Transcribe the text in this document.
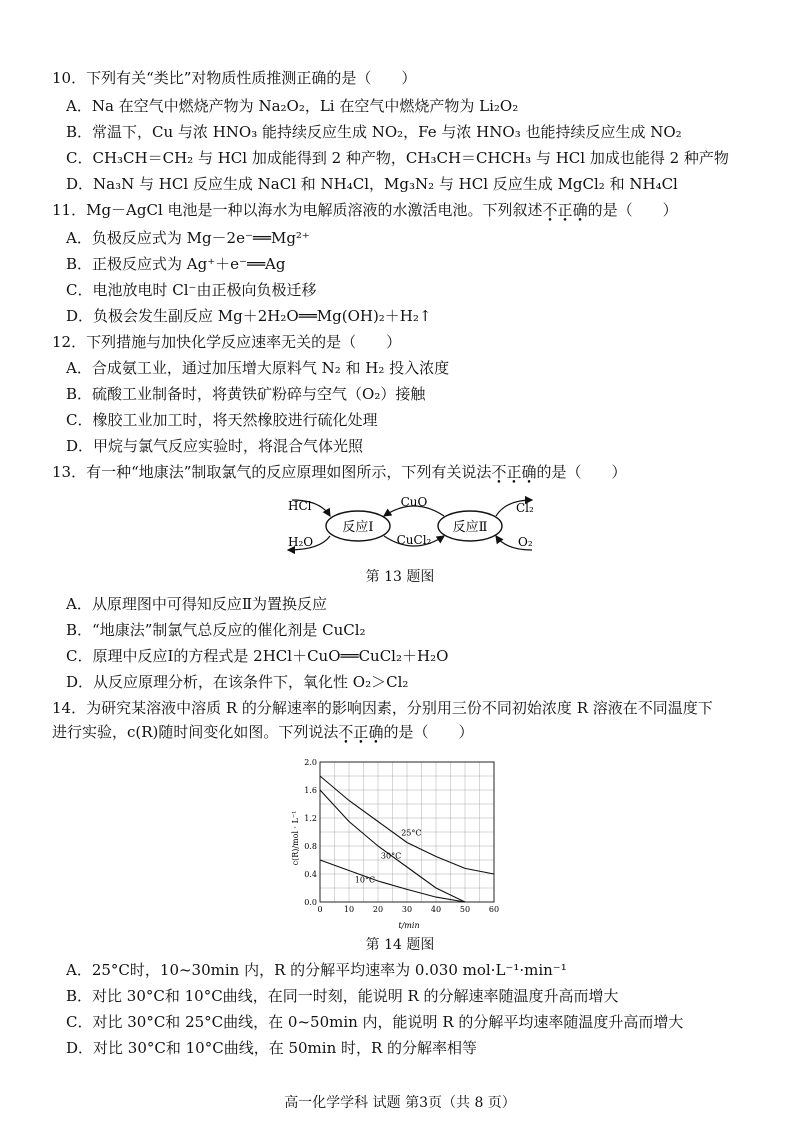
10．下列有关“类比”对物质性质推测正确的是（　　）
A．Na 在空气中燃烧产物为 Na₂O₂，Li 在空气中燃烧产物为 Li₂O₂
B．常温下，Cu 与浓 HNO₃ 能持续反应生成 NO₂，Fe 与浓 HNO₃ 也能持续反应生成 NO₂
C．CH₃CH＝CH₂ 与 HCl 加成能得到 2 种产物，CH₃CH＝CHCH₃ 与 HCl 加成也能得 2 种产物
D．Na₃N 与 HCl 反应生成 NaCl 和 NH₄Cl，Mg₃N₂ 与 HCl 反应生成 MgCl₂ 和 NH₄Cl
11．Mg－AgCl 电池是一种以海水为电解质溶液的水激活电池。下列叙述不正确的是（　　）
A．负极反应式为 Mg－2e⁻══Mg²⁺
B．正极反应式为 Ag⁺＋e⁻══Ag
C．电池放电时 Cl⁻由正极向负极迁移
D．负极会发生副反应 Mg＋2H₂O══Mg(OH)₂＋H₂↑
12．下列措施与加快化学反应速率无关的是（　　）
A．合成氨工业，通过加压增大原料气 N₂ 和 H₂ 投入浓度
B．硫酸工业制备时，将黄铁矿粉碎与空气（O₂）接触
C．橡胶工业加工时，将天然橡胶进行硫化处理
D．甲烷与氯气反应实验时，将混合气体光照
13．有一种“地康法”制取氯气的反应原理如图所示，下列有关说法不正确的是（　　）
反应Ⅰ	反应Ⅱ
HCl
H₂O
CuO
CuCl₂
Cl₂
O₂
第 13 题图
A．从原理图中可得知反应Ⅱ为置换反应
B．“地康法”制氯气总反应的催化剂是 CuCl₂
C．原理中反应Ⅰ的方程式是 2HCl＋CuO══CuCl₂＋H₂O
D．从反应原理分析，在该条件下，氧化性 O₂＞Cl₂
14．为研究某溶液中溶质 R 的分解速率的影响因素，分别用三份不同初始浓度 R 溶液在不同温度下
进行实验，c(R)随时间变化如图。下列说法不正确的是（　　）
0	10 20 30 40 50 60
0.0
0.4
0.8
1.2
1.6
2.0
25°C
30°C
10°C
c(R)/mol · L⁻¹
t/min
第 14 题图
A．25°C时，10~30min 内，R 的分解平均速率为 0.030 mol·L⁻¹·min⁻¹
B．对比 30°C和 10°C曲线，在同一时刻，能说明 R 的分解速率随温度升高而增大
C．对比 30°C和 25°C曲线，在 0~50min 内，能说明 R 的分解平均速率随温度升高而增大
D．对比 30°C和 10°C曲线，在 50min 时，R 的分解率相等
高一化学学科 试题 第3页（共 8 页）
